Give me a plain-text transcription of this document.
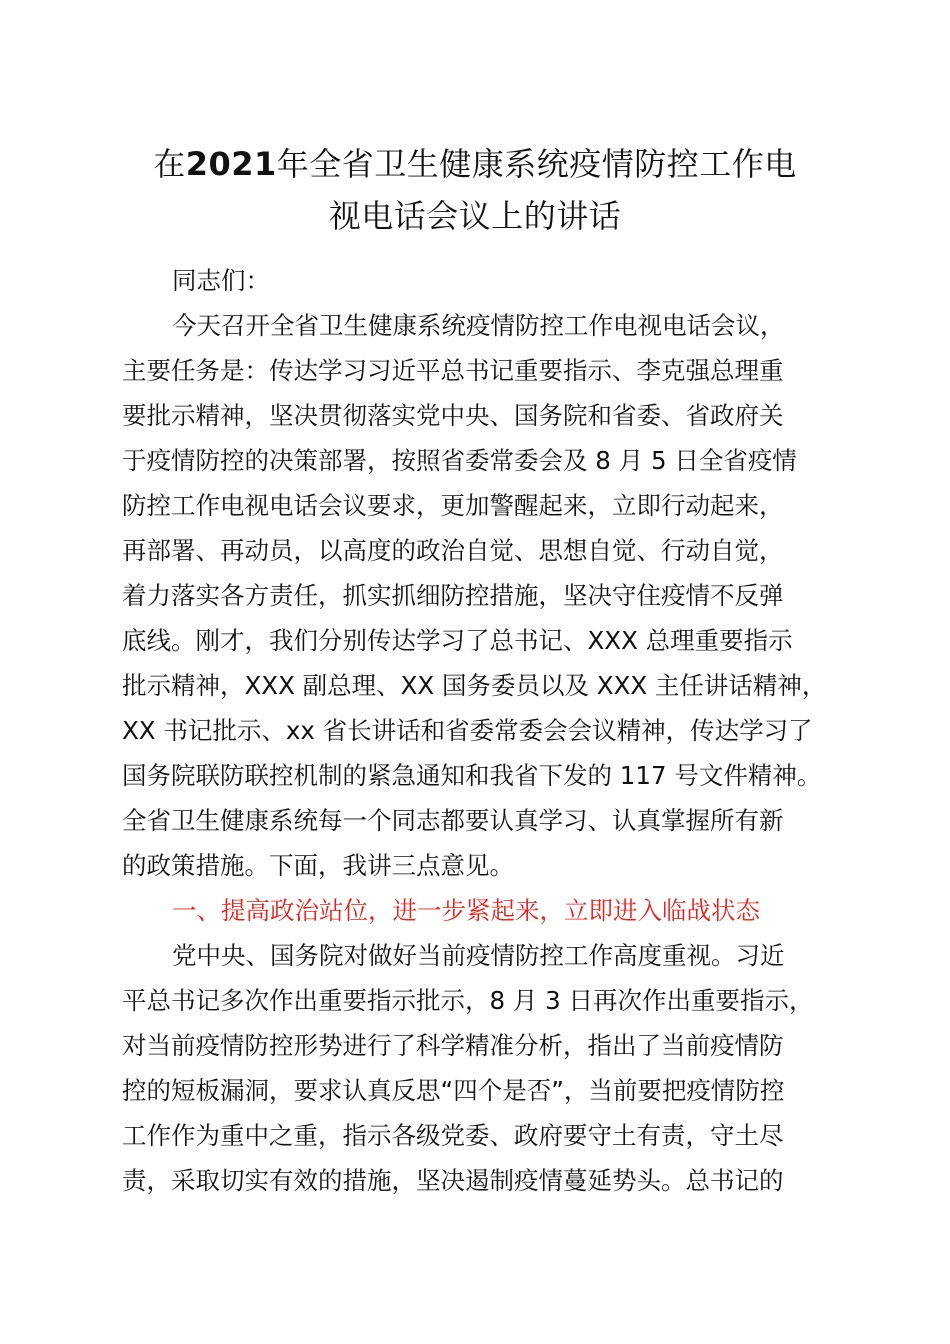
在2021年全省卫生健康系统疫情防控工作电
视电话会议上的讲话
同志们：
今天召开全省卫生健康系统疫情防控工作电视电话会议，
主要任务是：传达学习习近平总书记重要指示、李克强总理重
要批示精神，坚决贯彻落实党中央、国务院和省委、省政府关
于疫情防控的决策部署，按照省委常委会及 8 月 5 日全省疫情
防控工作电视电话会议要求，更加警醒起来，立即行动起来，
再部署、再动员，以高度的政治自觉、思想自觉、行动自觉，
着力落实各方责任，抓实抓细防控措施，坚决守住疫情不反弹
底线。刚才，我们分别传达学习了总书记、XXX 总理重要指示
批示精神，XXX 副总理、XX 国务委员以及 XXX 主任讲话精神，
XX 书记批示、xx 省长讲话和省委常委会会议精神，传达学习了
国务院联防联控机制的紧急通知和我省下发的 117 号文件精神。
全省卫生健康系统每一个同志都要认真学习、认真掌握所有新
的政策措施。下面，我讲三点意见。
一、提高政治站位，进一步紧起来，立即进入临战状态
党中央、国务院对做好当前疫情防控工作高度重视。习近
平总书记多次作出重要指示批示，8 月 3 日再次作出重要指示，
对当前疫情防控形势进行了科学精准分析，指出了当前疫情防
控的短板漏洞，要求认真反思“四个是否”，当前要把疫情防控
工作作为重中之重，指示各级党委、政府要守土有责，守土尽
责，采取切实有效的措施，坚决遏制疫情蔓延势头。总书记的
